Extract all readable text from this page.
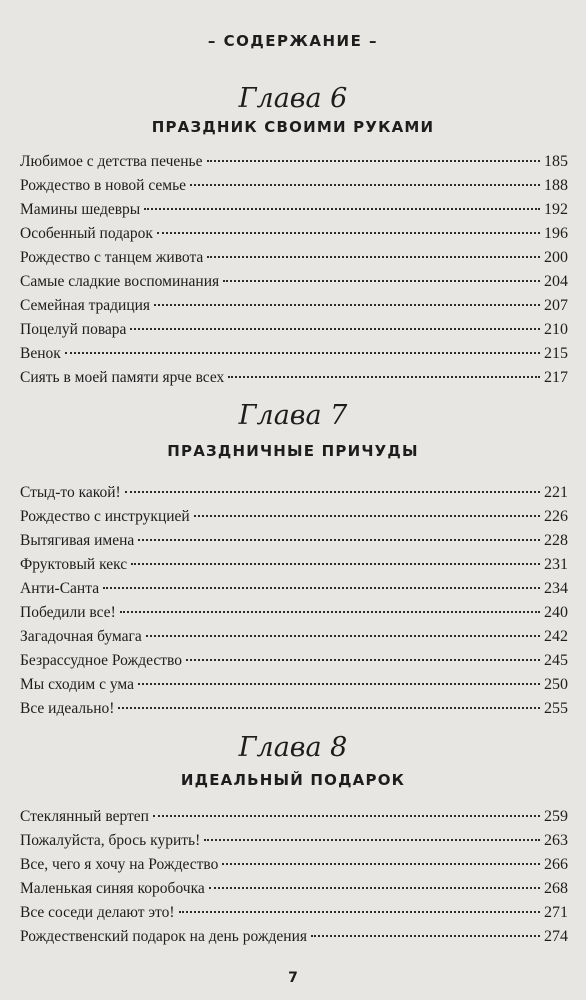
– СОДЕРЖАНИЕ –
Глава 6
ПРАЗДНИК СВОИМИ РУКАМИ
Любимое с детства печенье	185
Рождество в новой семье	188
Мамины шедевры	192
Особенный подарок	196
Рождество с танцем живота	200
Самые сладкие воспоминания	204
Семейная традиция	207
Поцелуй повара	210
Венок	215
Сиять в моей памяти ярче всех	217
Глава 7
ПРАЗДНИЧНЫЕ ПРИЧУДЫ
Стыд-то какой!	221
Рождество с инструкцией	226
Вытягивая имена	228
Фруктовый кекс	231
Анти-Санта	234
Победили все!	240
Загадочная бумага	242
Безрассудное Рождество	245
Мы сходим с ума	250
Все идеально!	255
Глава 8
ИДЕАЛЬНЫЙ ПОДАРОК
Стеклянный вертеп	259
Пожалуйста, брось курить!	263
Все, чего я хочу на Рождество	266
Маленькая синяя коробочка	268
Все соседи делают это!	271
Рождественский подарок на день рождения	274
7
